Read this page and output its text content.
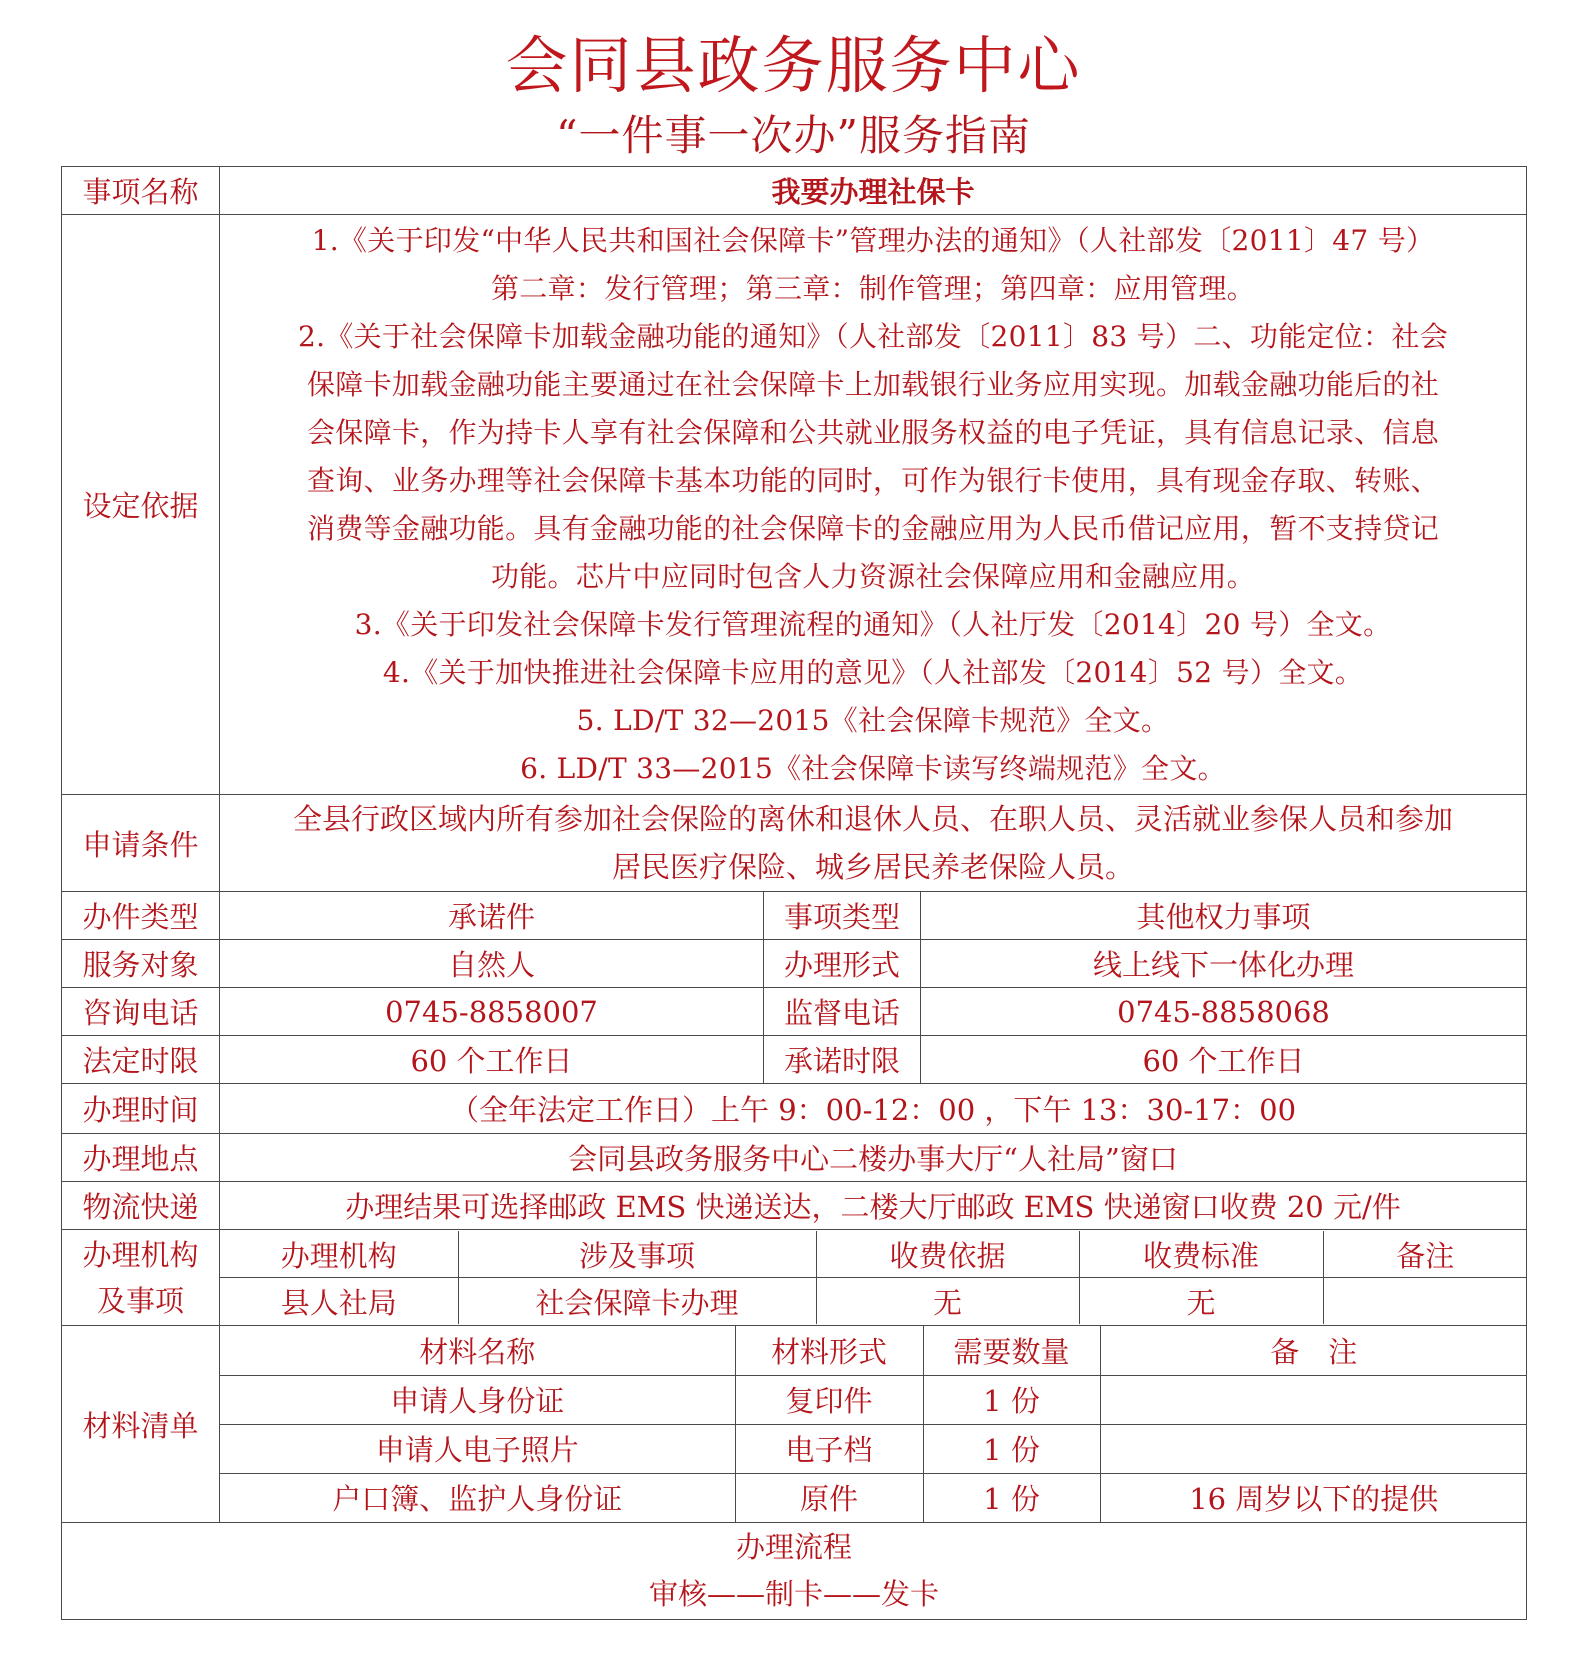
会同县政务服务中心
“一件事一次办”服务指南
事项名称	我要办理社保卡
设定依据	
1.《关于印发“中华人民共和国社会保障卡”管理办法的通知》（人社部发〔2011〕47 号）
第二章：发行管理；第三章：制作管理；第四章：应用管理。
2.《关于社会保障卡加载金融功能的通知》（人社部发〔2011〕83 号）二、功能定位：社会
保障卡加载金融功能主要通过在社会保障卡上加载银行业务应用实现。加载金融功能后的社
会保障卡，作为持卡人享有社会保障和公共就业服务权益的电子凭证，具有信息记录、信息
查询、业务办理等社会保障卡基本功能的同时，可作为银行卡使用，具有现金存取、转账、
消费等金融功能。具有金融功能的社会保障卡的金融应用为人民币借记应用，暂不支持贷记
功能。芯片中应同时包含人力资源社会保障应用和金融应用。
3.《关于印发社会保障卡发行管理流程的通知》（人社厅发〔2014〕20 号）全文。
4.《关于加快推进社会保障卡应用的意见》（人社部发〔2014〕52 号）全文。
5. LD/T 32—2015《社会保障卡规范》全文。
6. LD/T 33—2015《社会保障卡读写终端规范》全文。

申请条件	
全县行政区域内所有参加社会保险的离休和退休人员、在职人员、灵活就业参保人员和参加
居民医疗保险、城乡居民养老保险人员。

办件类型	承诺件	事项类型	其他权力事项
服务对象	自然人	办理形式	线上线下一体化办理
咨询电话	0745-8858007	监督电话	0745-8858068
法定时限	60 个工作日	承诺时限	60 个工作日
办理时间	（全年法定工作日）上午 9：00-12：00 ，下午 13：30-17：00
办理地点	会同县政务服务中心二楼办事大厅“人社局”窗口
物流快递	办理结果可选择邮政 EMS 快递送达，二楼大厅邮政 EMS 快递窗口收费 20 元/件

办理机构
及事项

办理机构	涉及事项	收费依据	收费标准	备注
县人社局	社会保障卡办理	无	无	

材料清单	
材料名称	材料形式	需要数量	备　注
申请人身份证	复印件	1 份	
申请人电子照片	电子档	1 份	
户口簿、监护人身份证	原件	1 份	16 周岁以下的提供

办理流程
审核——制卡——发卡
